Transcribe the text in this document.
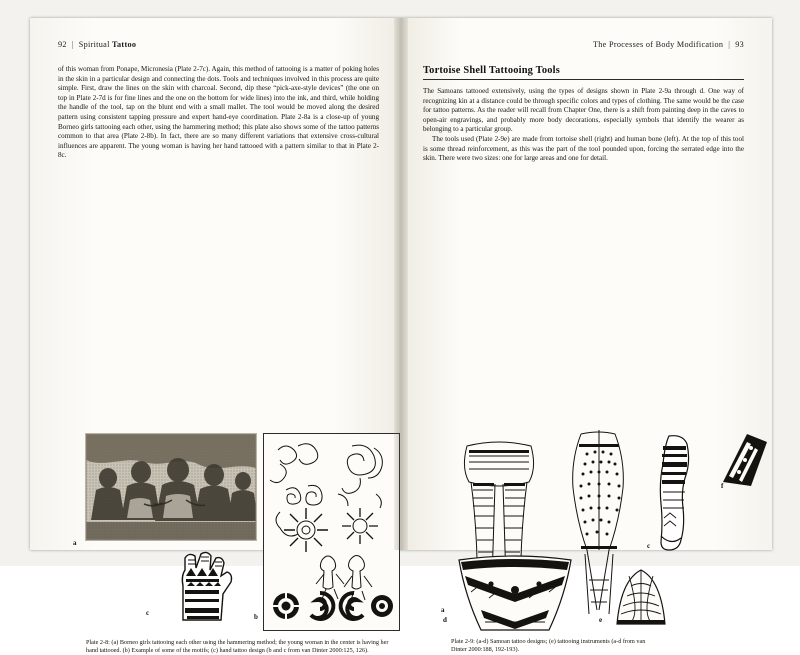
92 | Spiritual Tattoo

of this woman from Ponape, Micronesia (Plate 2-7c). Again, this method of tattooing is a matter of poking holes in the skin in a particular design and connecting the dots. Tools and techniques involved in this process are quite simple. First, draw the lines on the skin with charcoal. Second, dip these “pick-axe-style devices” (the one on top in Plate 2-7d is for fine lines and the one on the bottom for wide lines) into the ink, and third, while holding the handle of the tool, tap on the blunt end with a small mallet. The tool would be moved along the desired pattern using consistent tapping pressure and expert hand-eye coordination. Plate 2-8a is a close-up of young Borneo girls tattooing each other, using the hammering method; this plate also shows some of the tattoo patterns common to that area (Plate 2-8b). In fact, there are so many different variations that extensive cross-cultural influences are apparent. The young woman is having her hand tattooed with a pattern similar to that in Plate 2-8c.

a
c	b
Plate 2-8: (a) Borneo girls tattooing each other using the hammering method; the young woman in the center is having her hand tattooed. (b) Example of some of the motifs; (c) hand tattoo design (b and c from van Dinter 2000:125, 126).
The Processes of Body Modification | 93
Tortoise Shell Tattooing Tools

The Samoans tattooed extensively, using the types of designs shown in Plate 2-9a through d. One way of recognizing kin at a distance could be through specific colors and types of clothing. The same would be the case for tattoo patterns. As the reader will recall from Chapter One, there is a shift from painting deep in the caves to open-air engravings, and probably more body decorations, especially symbols that identify the wearer as belonging to a particular group.

The tools used (Plate 2-9e) are made from tortoise shell (right) and human bone (left). At the top of this tool is some thread reinforcement, as this was the part of the tool pounded upon, forcing the serrated edge into the skin. There were two sizes: one for large areas and one for detail.

a
c
f
d	e
Plate 2-9: (a-d) Samoan tattoo designs; (e) tattooing instruments (a-d from van Dinter 2000:188, 192-193).
